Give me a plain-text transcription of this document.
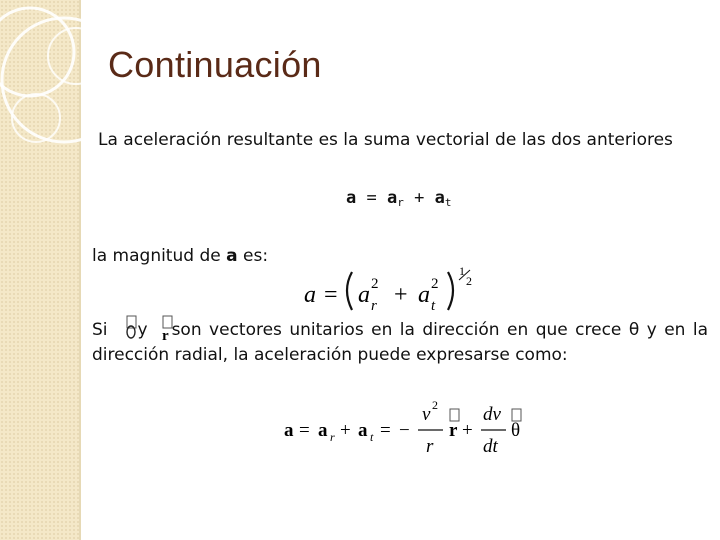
Continuación
La aceleración resultante es la suma vectorial de las dos anteriores
$a = a_r + a_t$
la magnitud de a es:
a = a 2
r + a 2
t
1
2
r
Si y son vectores unitarios en la dirección en que crece θ y en la dirección radial, la aceleración puede expresarse como:
a = a r + a t = −
v 2
r
r +
dv
dt
θ
